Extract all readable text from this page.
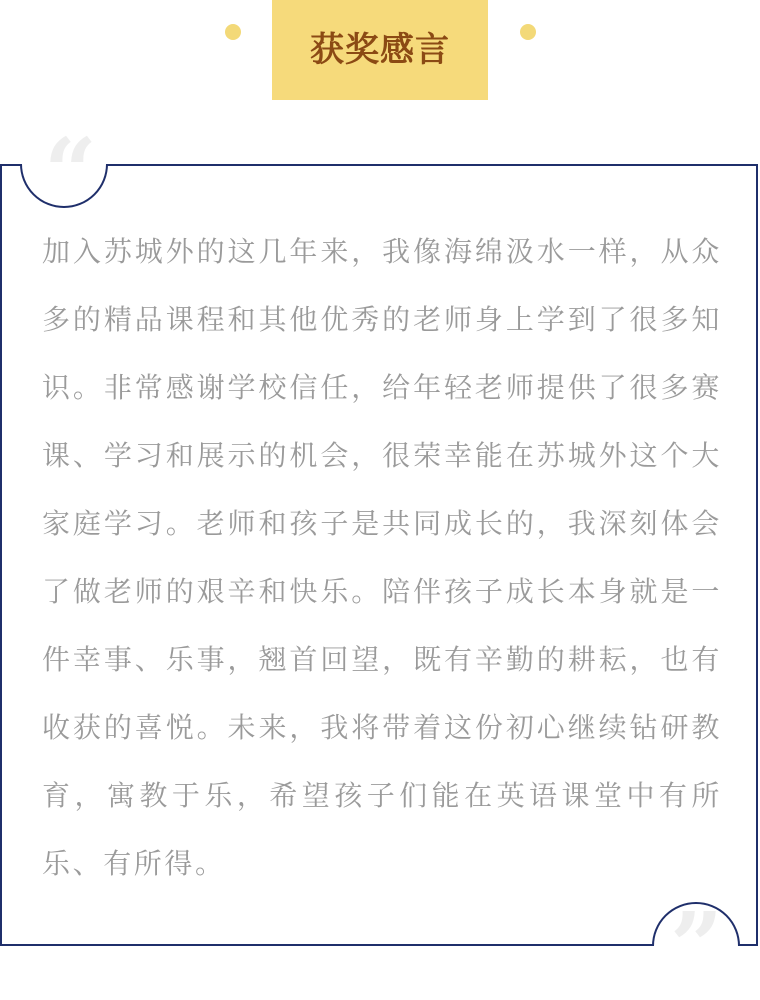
获奖感言
“
”
加入苏城外的这几年来，我像海绵汲水一样，从众多的精品课程和其他优秀的老师身上学到了很多知识。非常感谢学校信任，给年轻老师提供了很多赛课、学习和展示的机会，很荣幸能在苏城外这个大家庭学习。老师和孩子是共同成长的，我深刻体会了做老师的艰辛和快乐。陪伴孩子成长本身就是一件幸事、乐事，翘首回望，既有辛勤的耕耘，也有收获的喜悦。未来，我将带着这份初心继续钻研教育，寓教于乐，希望孩子们能在英语课堂中有所乐、有所得。
